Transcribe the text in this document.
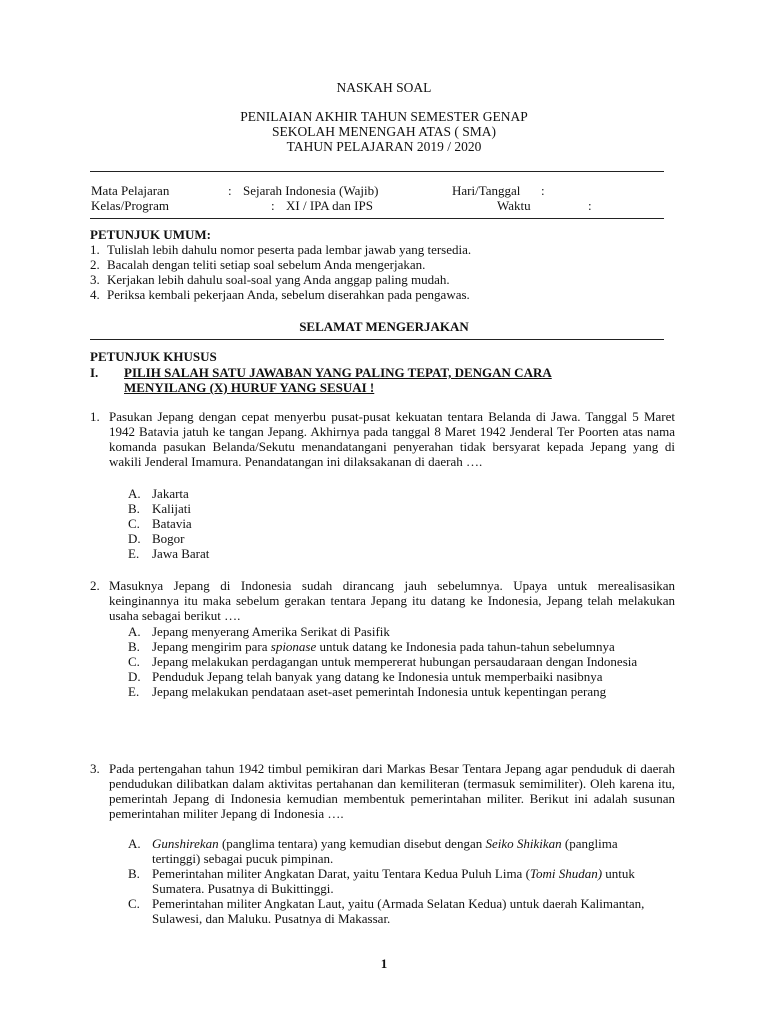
NASKAH SOAL
PENILAIAN AKHIR TAHUN SEMESTER GENAP
SEKOLAH MENENGAH ATAS ( SMA)
TAHUN PELAJARAN 2019 / 2020
Mata Pelajaran	: Sejarah Indonesia (Wajib)	Hari/Tanggal :
Kelas/Program	: XI / IPA dan IPS	Waktu	:
PETUNJUK UMUM:
1. Tulislah lebih dahulu nomor peserta pada lembar jawab yang tersedia.
2. Bacalah dengan teliti setiap soal sebelum Anda mengerjakan.
3. Kerjakan lebih dahulu soal-soal yang Anda anggap paling mudah.
4. Periksa kembali pekerjaan Anda, sebelum diserahkan pada pengawas.
SELAMAT MENGERJAKAN
PETUNJUK KHUSUS
I. PILIH SALAH SATU JAWABAN YANG PALING TEPAT, DENGAN CARA
MENYILANG (X) HURUF YANG SESUAI !
1. Pasukan Jepang dengan cepat menyerbu pusat-pusat kekuatan tentara Belanda di Jawa. Tanggal 5 Maret 1942 Batavia jatuh ke tangan Jepang. Akhirnya pada tanggal 8 Maret 1942 Jenderal Ter Poorten atas nama komanda pasukan Belanda/Sekutu menandatangani penyerahan tidak bersyarat kepada Jepang yang di wakili Jenderal Imamura. Penandatangan ini dilaksakanan di daerah ….
A. Jakarta
B. Kalijati
C. Batavia
D. Bogor
E. Jawa Barat
2. Masuknya Jepang di Indonesia sudah dirancang jauh sebelumnya. Upaya untuk merealisasikan keinginannya itu maka sebelum gerakan tentara Jepang itu datang ke Indonesia, Jepang telah melakukan usaha sebagai berikut ….
A. Jepang menyerang Amerika Serikat di Pasifik
B. Jepang mengirim para spionase untuk datang ke Indonesia pada tahun-tahun sebelumnya
C. Jepang melakukan perdagangan untuk mempererat hubungan persaudaraan dengan Indonesia
D. Penduduk Jepang telah banyak yang datang ke Indonesia untuk memperbaiki nasibnya
E. Jepang melakukan pendataan aset-aset pemerintah Indonesia untuk kepentingan perang
3. Pada pertengahan tahun 1942 timbul pemikiran dari Markas Besar Tentara Jepang agar penduduk di daerah pendudukan dilibatkan dalam aktivitas pertahanan dan kemiliteran (termasuk semimiliter). Oleh karena itu, pemerintah Jepang di Indonesia kemudian membentuk pemerintahan militer. Berikut ini adalah susunan pemerintahan militer Jepang di Indonesia ….
A. Gunshirekan (panglima tentara) yang kemudian disebut dengan Seiko Shikikan (panglima tertinggi) sebagai pucuk pimpinan.
B. Pemerintahan militer Angkatan Darat, yaitu Tentara Kedua Puluh Lima (Tomi Shudan) untuk Sumatera. Pusatnya di Bukittinggi.
C. Pemerintahan militer Angkatan Laut, yaitu (Armada Selatan Kedua) untuk daerah Kalimantan, Sulawesi, dan Maluku. Pusatnya di Makassar.
1
